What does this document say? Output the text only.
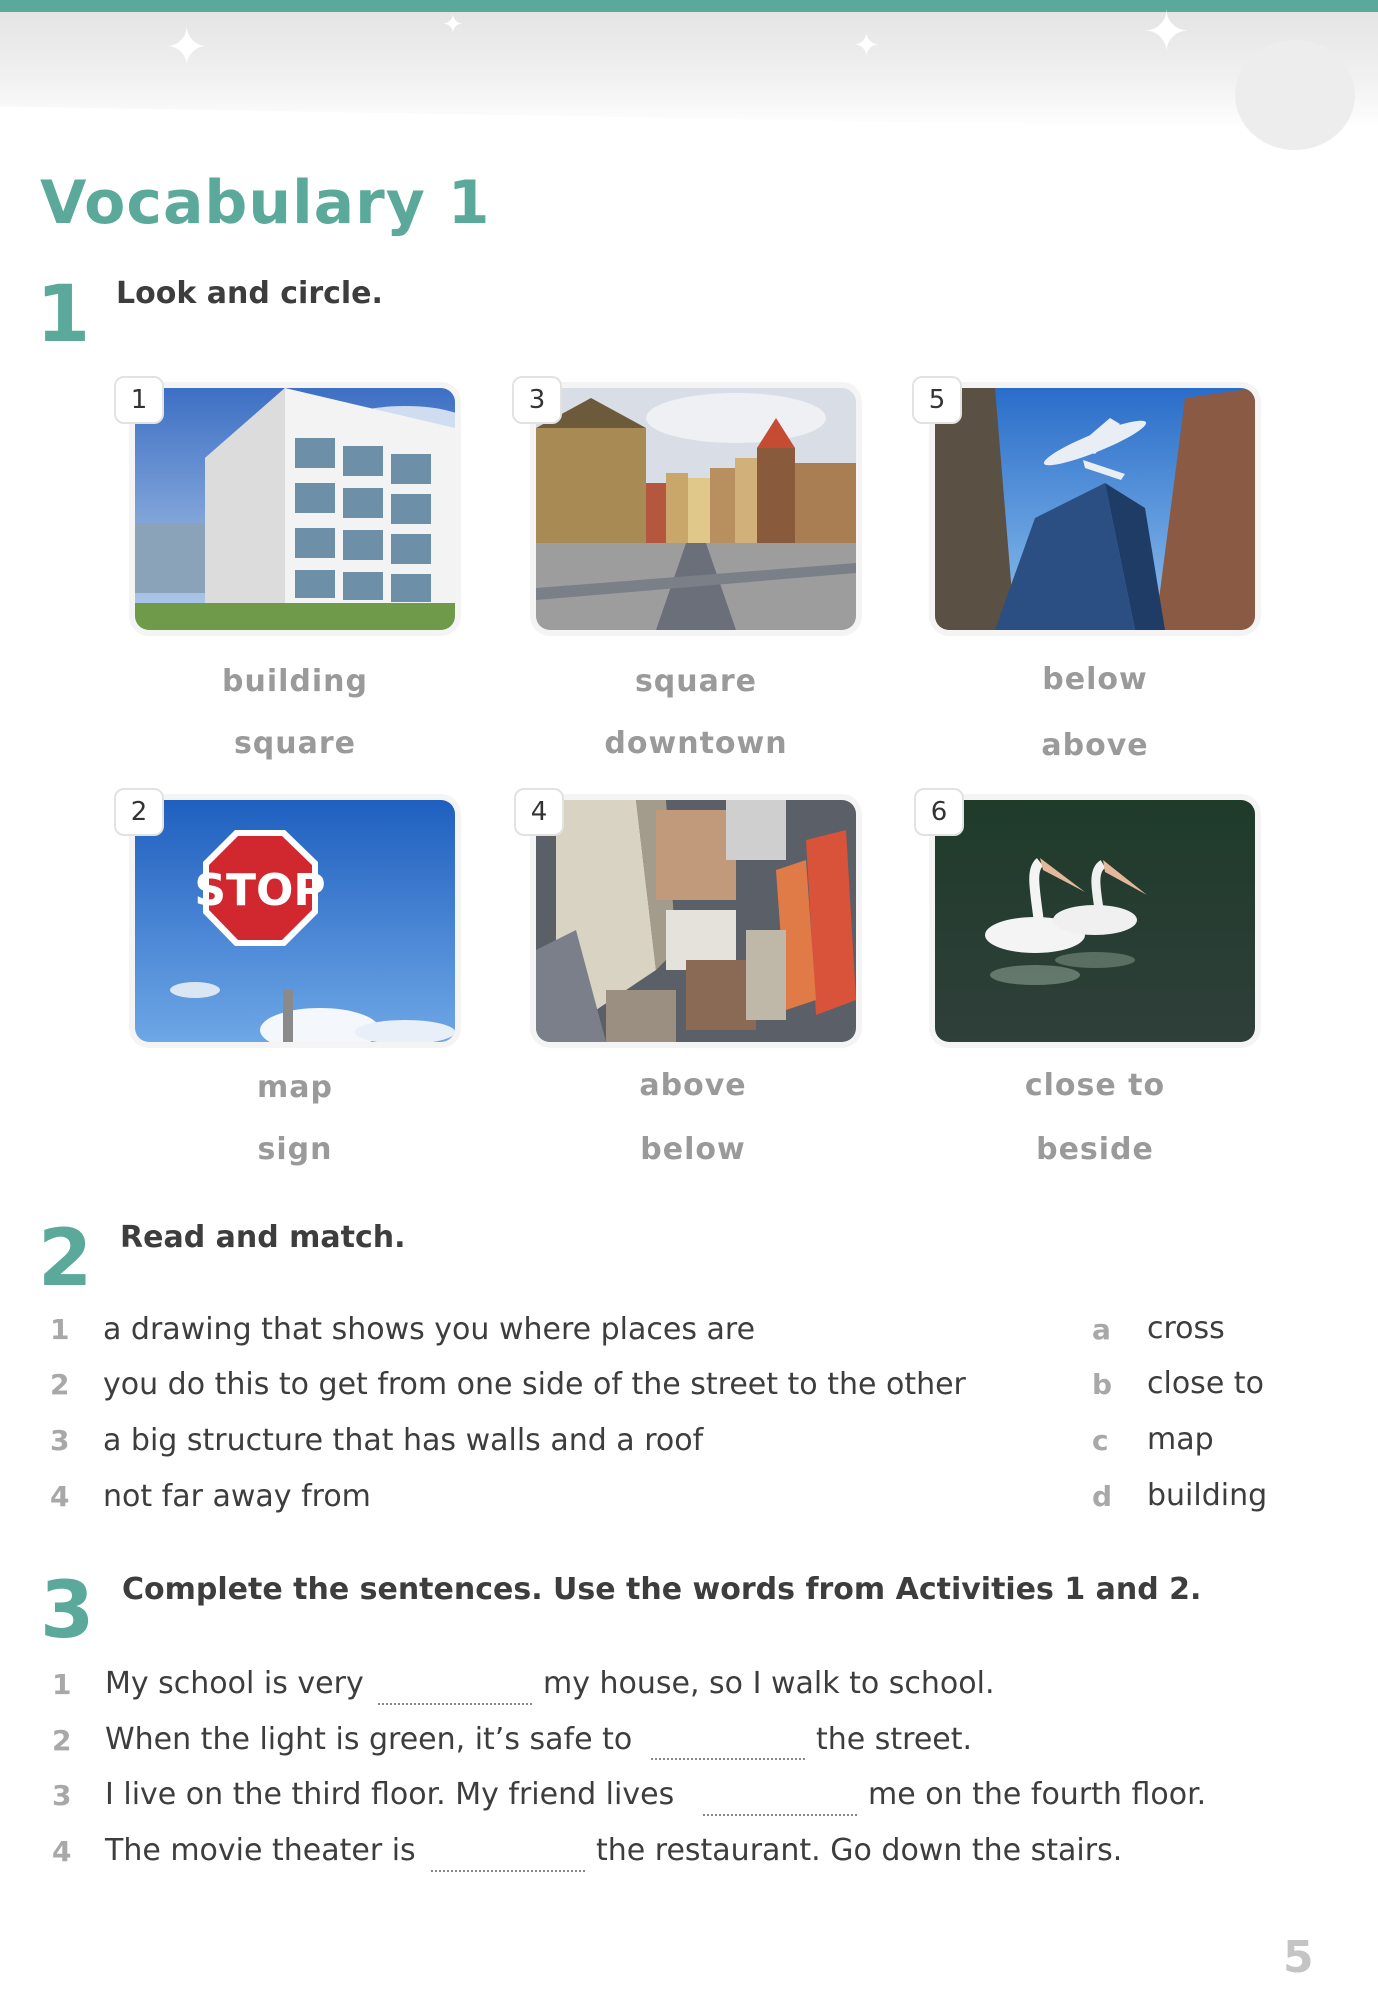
✦	✦
✦	✦
Vocabulary 1
1 Look and circle.
1
building
square
STOP
2
map
sign
3
square
downtown
4
above
below
5
below
above
6
close to
beside
2 Read and match.
1 a drawing that shows you where places are
2 you do this to get from one side of the street to the other
3 a big structure that has walls and a roof
4 not far away from
a cross
b close to
c map
d building
3 Complete the sentences. Use the words from Activities 1 and 2.
1 My school is very	my house, so I walk to school.
2 When the light is green, it’s safe to	the street.
3 I live on the third floor. My friend lives	me on the fourth floor.
4 The movie theater is	the restaurant. Go down the stairs.
5
